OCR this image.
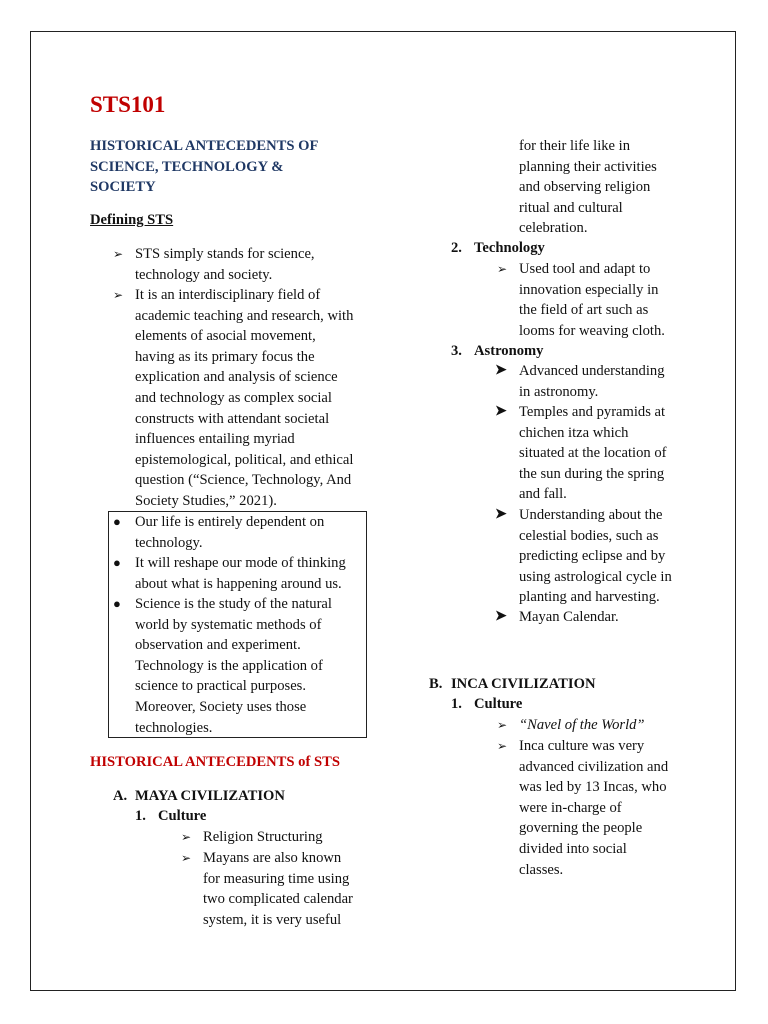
STS101
HISTORICAL ANTECEDENTS OF
SCIENCE, TECHNOLOGY &
SOCIETY
Defining STS
➢ STS simply stands for science,
technology and society.
➢ It is an interdisciplinary field of
academic teaching and research, with
elements of asocial movement,
having as its primary focus the
explication and analysis of science
and technology as complex social
constructs with attendant societal
influences entailing myriad
epistemological, political, and ethical
question (“Science, Technology, And
Society Studies,” 2021).
● Our life is entirely dependent on
technology.
● It will reshape our mode of thinking
about what is happening around us.
● Science is the study of the natural
world by systematic methods of
observation and experiment.
Technology is the application of
science to practical purposes.
Moreover, Society uses those
technologies.
HISTORICAL ANTECEDENTS of STS
A. MAYA CIVILIZATION
1. Culture
➢ Religion Structuring
➢ Mayans are also known
for measuring time using
two complicated calendar
system, it is very useful
for their life like in
planning their activities
and observing religion
ritual and cultural
celebration.
2. Technology
➢ Used tool and adapt to
innovation especially in
the field of art such as
looms for weaving cloth.
3. Astronomy
➤ Advanced understanding
in astronomy.
➤ Temples and pyramids at
chichen itza which
situated at the location of
the sun during the spring
and fall.
➤ Understanding about the
celestial bodies, such as
predicting eclipse and by
using astrological cycle in
planting and harvesting.
➤ Mayan Calendar.
B. INCA CIVILIZATION
1. Culture
➢ “Navel of the World”
➢ Inca culture was very
advanced civilization and
was led by 13 Incas, who
were in-charge of
governing the people
divided into social
classes.
